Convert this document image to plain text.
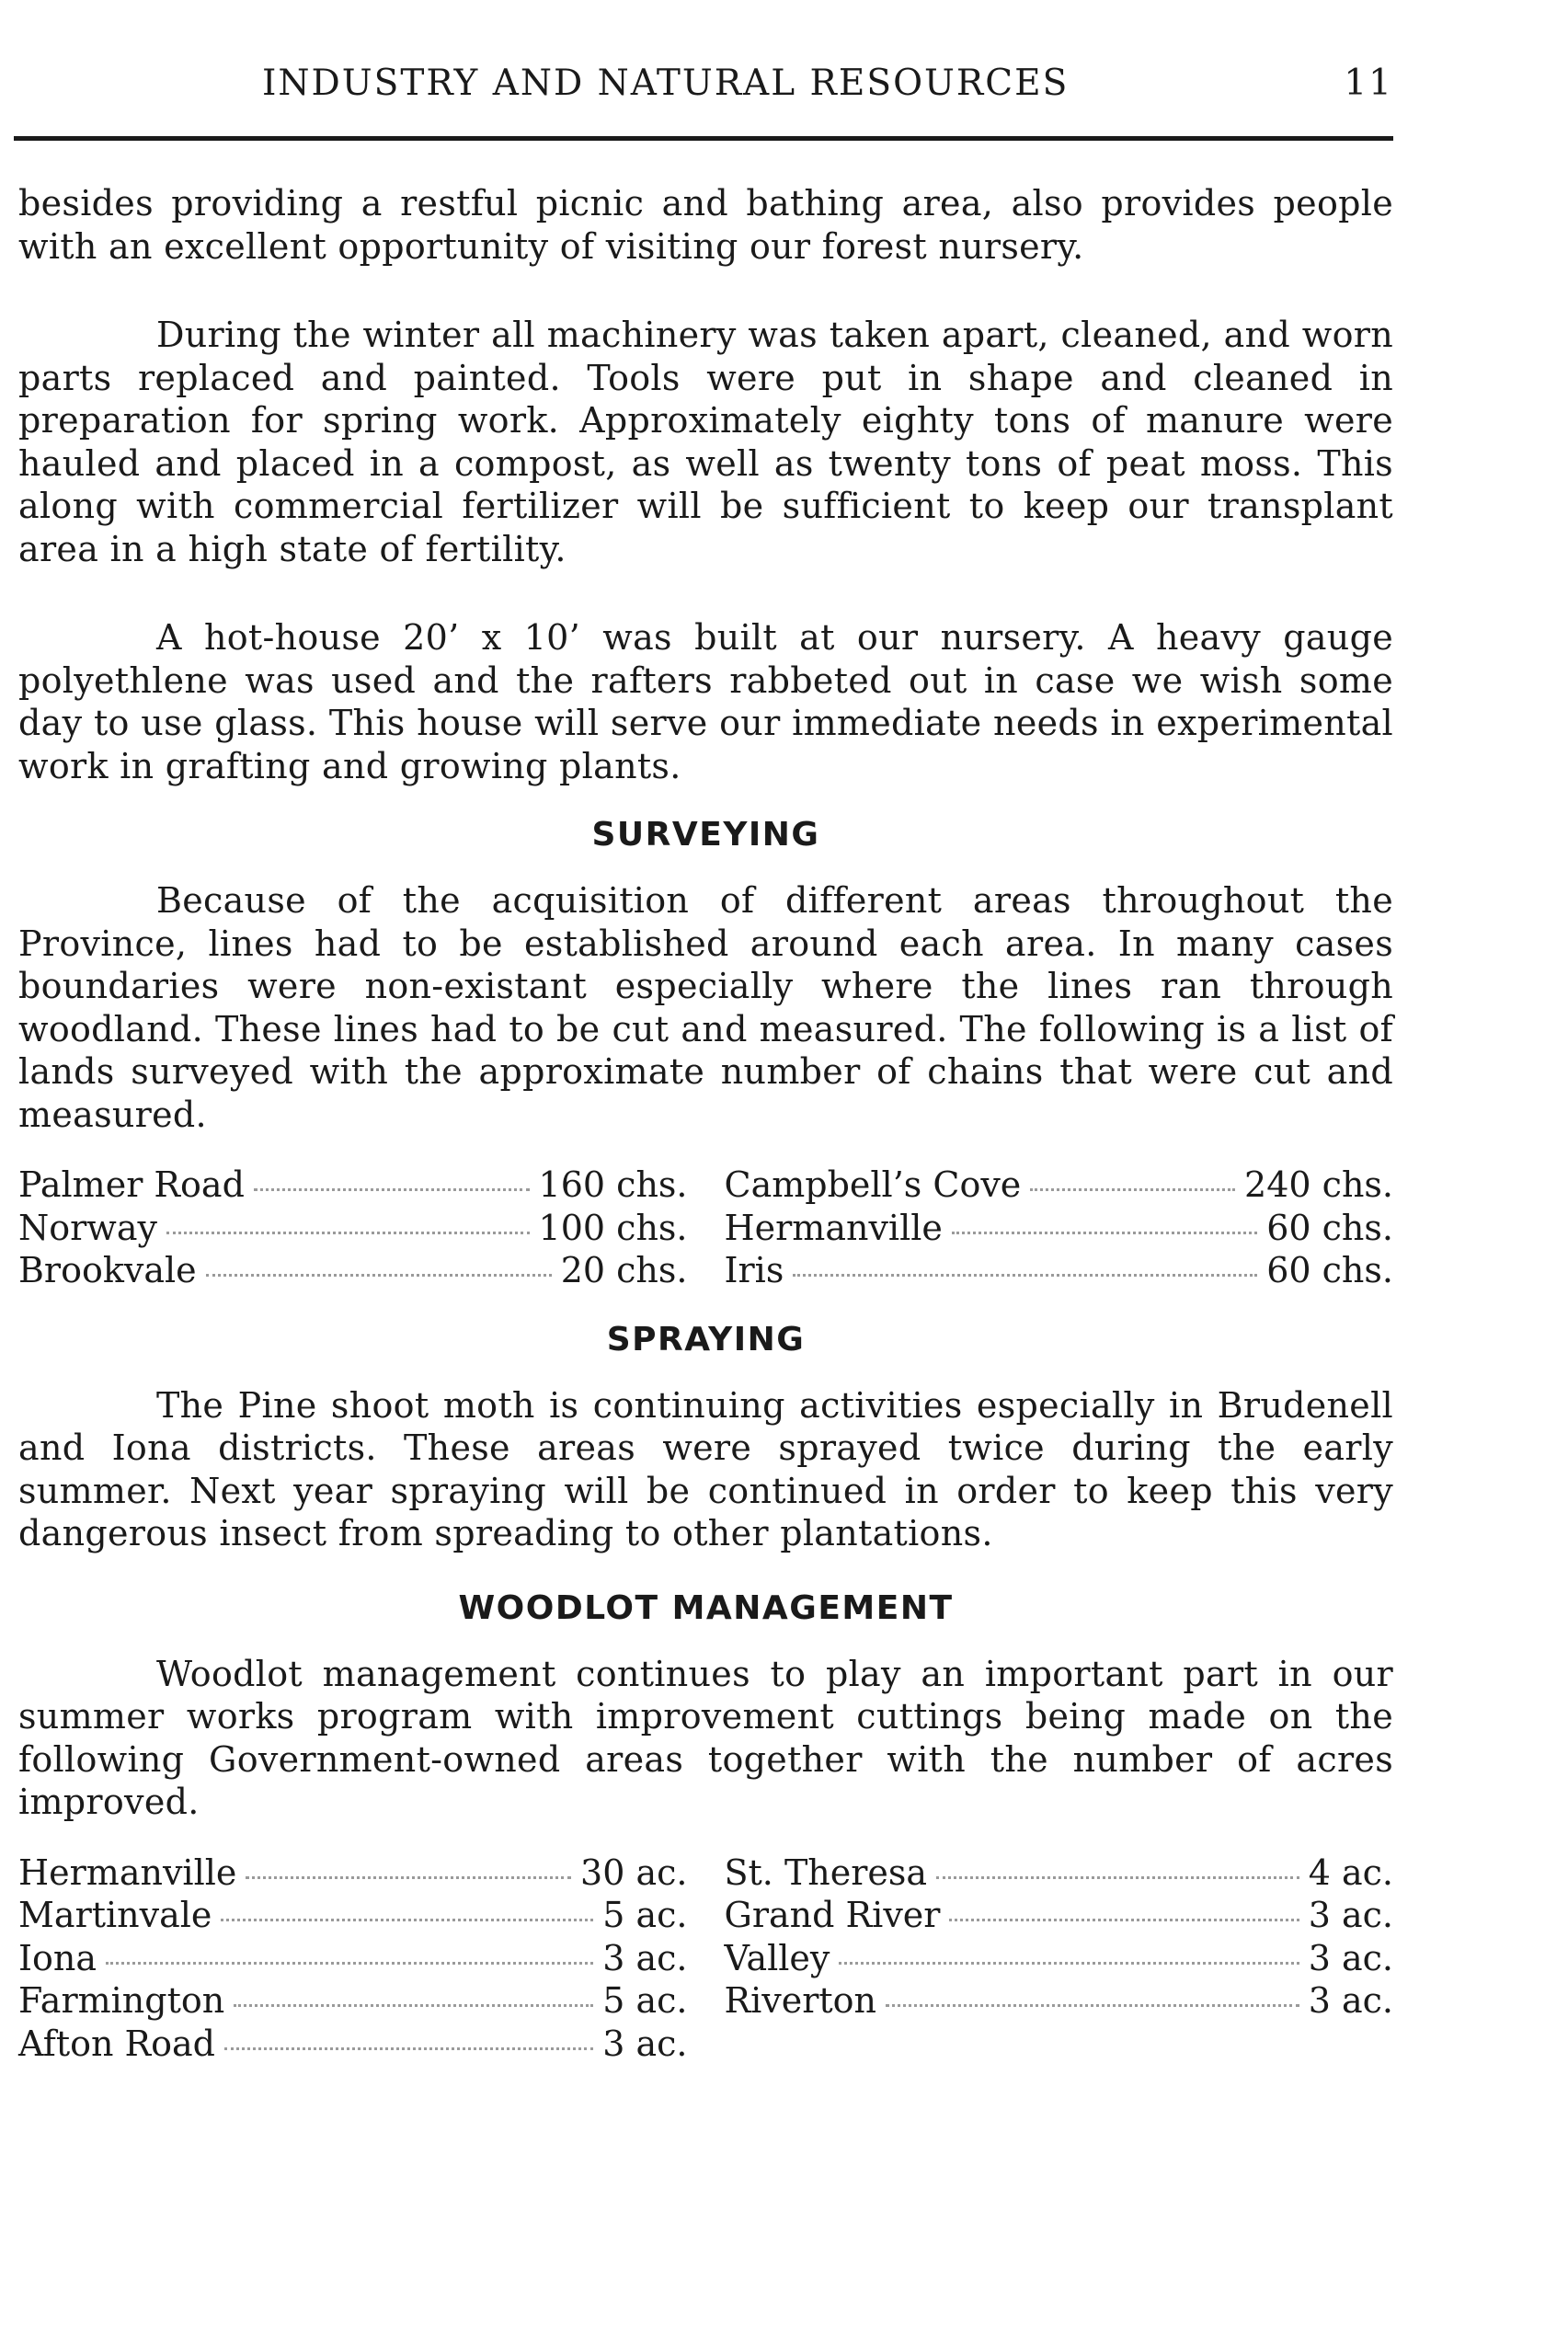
INDUSTRY AND NATURAL RESOURCES	11

besides providing a restful picnic and bathing area, also provides people with an excellent opportunity of visiting our forest nursery.

During the winter all machinery was taken apart, cleaned, and worn parts replaced and painted. Tools were put in shape and cleaned in preparation for spring work. Approximately eighty tons of manure were hauled and placed in a compost, as well as twenty tons of peat moss. This along with commercial fertilizer will be sufficient to keep our transplant area in a high state of fertility.

A hot-house 20’ x 10’ was built at our nursery. A heavy gauge polyethlene was used and the rafters rabbeted out in case we wish some day to use glass. This house will serve our immediate needs in experimental work in grafting and growing plants.

SURVEYING

Because of the acquisition of different areas throughout the Province, lines had to be established around each area. In many cases boundaries were non-existant especially where the lines ran through woodland. These lines had to be cut and measured. The following is a list of lands surveyed with the approximate number of chains that were cut and measured.

Palmer Road	160 chs. Campbell’s Cove	240 chs.
Norway	100 chs. Hermanville	60 chs.
Brookvale	20 chs. Iris	60 chs.
SPRAYING

The Pine shoot moth is continuing activities especially in Brudenell and Iona districts. These areas were sprayed twice during the early summer. Next year spraying will be continued in order to keep this very dangerous insect from spreading to other plantations.

WOODLOT MANAGEMENT

Woodlot management continues to play an important part in our summer works program with improvement cuttings being made on the following Government-owned areas together with the number of acres improved.

Hermanville	30 ac. St. Theresa	4 ac.
Martinvale	5 ac. Grand River	3 ac.
Iona	3 ac. Valley	3 ac.
Farmington	5 ac. Riverton	3 ac.
Afton Road	3 ac.
